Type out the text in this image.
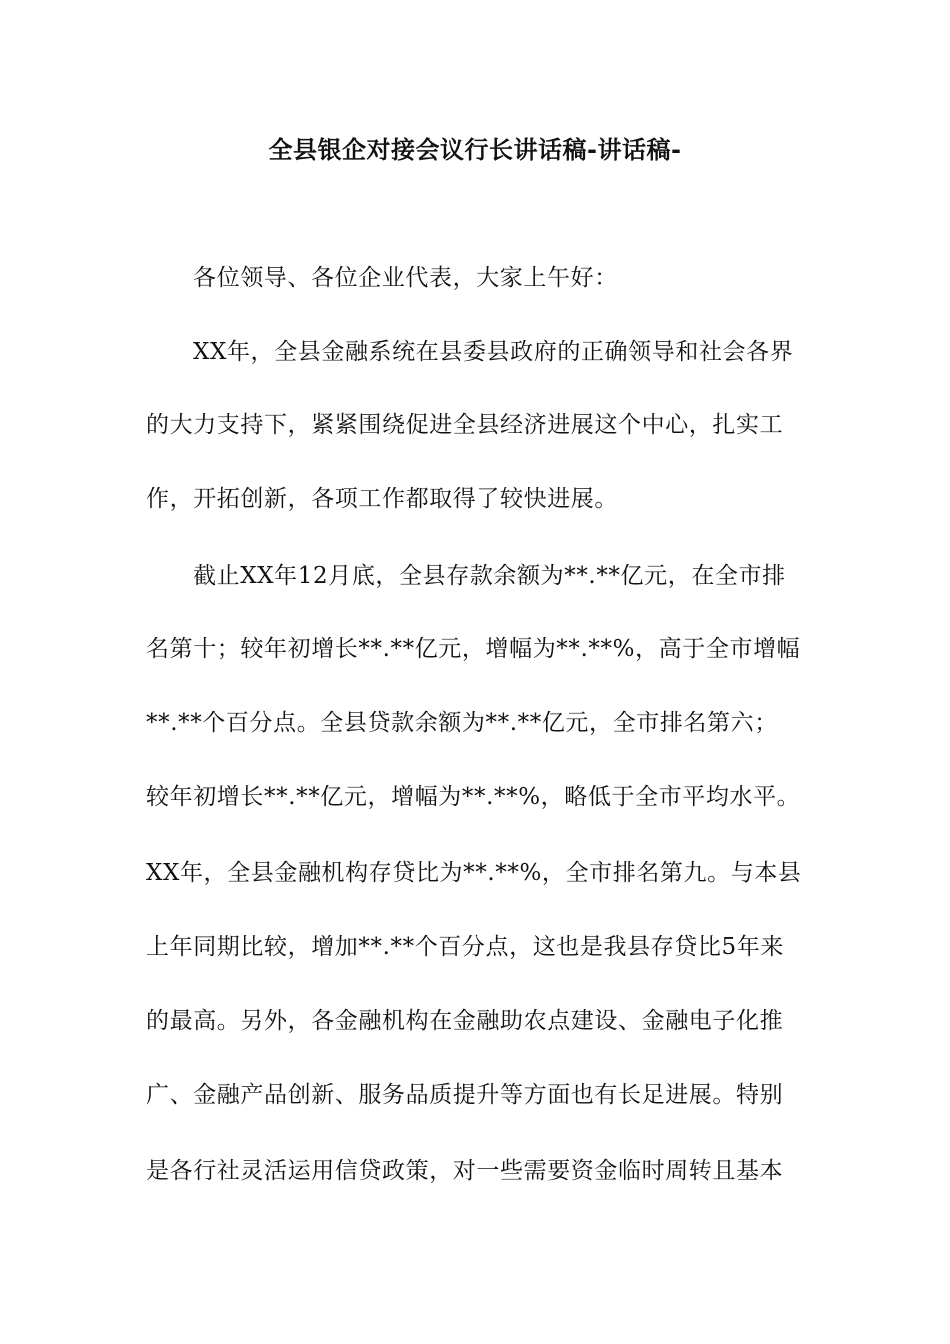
全县银企对接会议行长讲话稿-讲话稿-
各位领导、各位企业代表，大家上午好：
XX年，全县金融系统在县委县政府的正确领导和社会各界
的大力支持下，紧紧围绕促进全县经济进展这个中心，扎实工
作，开拓创新，各项工作都取得了较快进展。
截止XX年12月底，全县存款余额为**.**亿元，在全市排
名第十；较年初增长**.**亿元，增幅为**.**%，高于全市增幅
**.**个百分点。全县贷款余额为**.**亿元，全市排名第六；
较年初增长**.**亿元，增幅为**.**%，略低于全市平均水平。
XX年，全县金融机构存贷比为**.**%，全市排名第九。与本县
上年同期比较，增加**.**个百分点，这也是我县存贷比5年来
的最高。另外，各金融机构在金融助农点建设、金融电子化推
广、金融产品创新、服务品质提升等方面也有长足进展。特别
是各行社灵活运用信贷政策，对一些需要资金临时周转且基本
